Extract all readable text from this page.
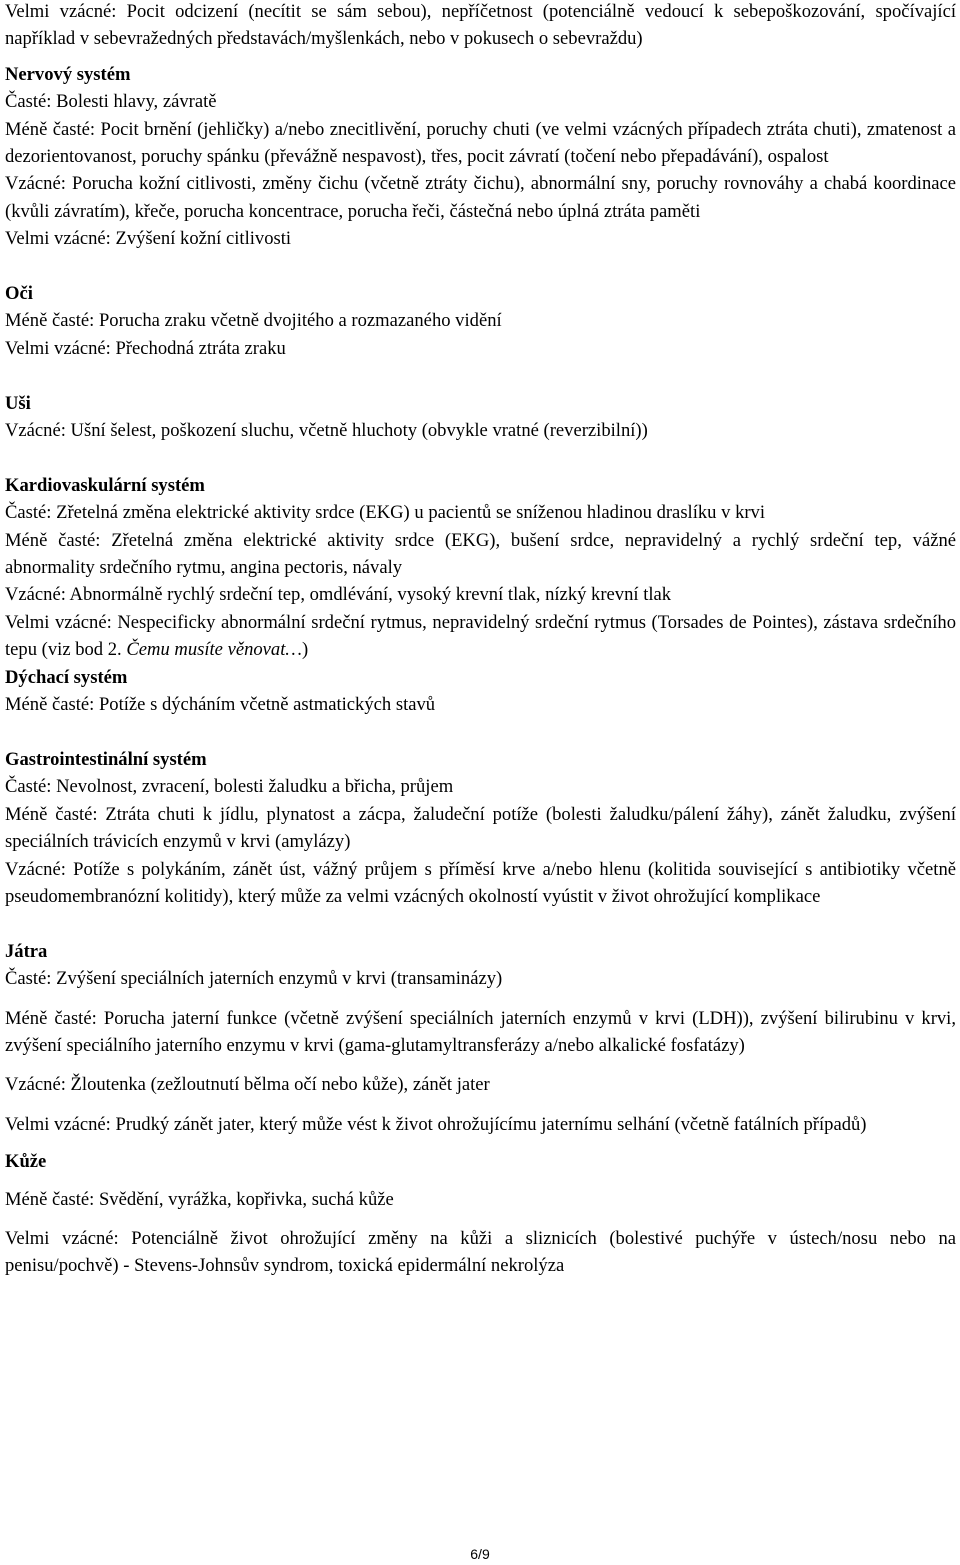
Velmi vzácné: Pocit odcizení (necítit se sám sebou), nepříčetnost (potenciálně vedoucí k sebepoškozování, spočívající například v sebevražedných představách/myšlenkách, nebo v pokusech o sebevraždu)

Nervový systém

Časté: Bolesti hlavy, závratě

Méně časté: Pocit brnění (jehličky) a/nebo znecitlivění, poruchy chuti (ve velmi vzácných případech ztráta chuti), zmatenost a dezorientovanost, poruchy spánku (převážně nespavost), třes, pocit závratí (točení nebo přepadávání), ospalost

Vzácné: Porucha kožní citlivosti, změny čichu (včetně ztráty čichu), abnormální sny, poruchy rovnováhy a chabá koordinace (kvůli závratím), křeče, porucha koncentrace, porucha řeči, částečná nebo úplná ztráta paměti

Velmi vzácné: Zvýšení kožní citlivosti

Oči

Méně časté: Porucha zraku včetně dvojitého a rozmazaného vidění

Velmi vzácné: Přechodná ztráta zraku

Uši

Vzácné: Ušní šelest, poškození sluchu, včetně hluchoty (obvykle vratné (reverzibilní))

Kardiovaskulární systém

Časté: Zřetelná změna elektrické aktivity srdce (EKG) u pacientů se sníženou hladinou draslíku v krvi

Méně časté: Zřetelná změna elektrické aktivity srdce (EKG), bušení srdce, nepravidelný a rychlý srdeční tep, vážné abnormality srdečního rytmu, angina pectoris, návaly

Vzácné: Abnormálně rychlý srdeční tep, omdlévání, vysoký krevní tlak, nízký krevní tlak

Velmi vzácné: Nespecificky abnormální srdeční rytmus, nepravidelný srdeční rytmus (Torsades de Pointes), zástava srdečního tepu (viz bod 2. Čemu musíte věnovat…)

Dýchací systém

Méně časté: Potíže s dýcháním včetně astmatických stavů

Gastrointestinální systém

Časté: Nevolnost, zvracení, bolesti žaludku a břicha, průjem

Méně časté: Ztráta chuti k jídlu, plynatost a zácpa, žaludeční potíže (bolesti žaludku/pálení žáhy), zánět žaludku, zvýšení speciálních trávicích enzymů v krvi (amylázy)

Vzácné: Potíže s polykáním, zánět úst, vážný průjem s příměsí krve a/nebo hlenu (kolitida související s antibiotiky včetně pseudomembranózní kolitidy), který může za velmi vzácných okolností vyústit v život ohrožující komplikace

Játra

Časté: Zvýšení speciálních jaterních enzymů v krvi (transaminázy)

Méně časté: Porucha jaterní funkce (včetně zvýšení speciálních jaterních enzymů v krvi (LDH)), zvýšení bilirubinu v krvi, zvýšení speciálního jaterního enzymu v krvi (gama-glutamyltransferázy a/nebo alkalické fosfatázy)

Vzácné: Žloutenka (zežloutnutí bělma očí nebo kůže), zánět jater

Velmi vzácné: Prudký zánět jater, který může vést k život ohrožujícímu jaternímu selhání (včetně fatálních případů)

Kůže

Méně časté: Svědění, vyrážka, kopřivka, suchá kůže

Velmi vzácné: Potenciálně život ohrožující změny na kůži a sliznicích (bolestivé puchýře v ústech/nosu nebo na penisu/pochvě) - Stevens-Johnsův syndrom, toxická epidermální nekrolýza

6/9
